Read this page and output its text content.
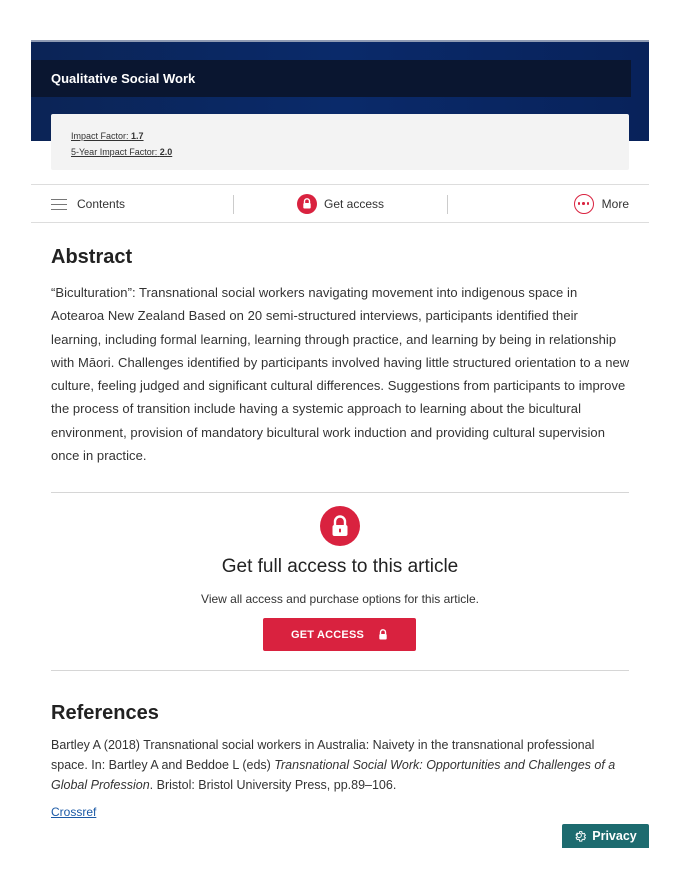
Qualitative Social Work
Impact Factor: 1.7
5-Year Impact Factor: 2.0
Contents	Get access	More
Abstract

“Biculturation”: Transnational social workers navigating movement into indigenous space in Aotearoa New Zealand Based on 20 semi-structured interviews, participants identified their learning, including formal learning, learning through practice, and learning by being in relationship with Māori. Challenges identified by participants involved having little structured orientation to a new culture, feeling judged and significant cultural differences. Suggestions from participants to improve the process of transition include having a systemic approach to learning about the bicultural environment, provision of mandatory bicultural work induction and providing cultural supervision once in practice.

Get full access to this article
View all access and purchase options for this article.
GET ACCESS
References

Bartley A (2018) Transnational social workers in Australia: Naivety in the transnational professional space. In: Bartley A and Beddoe L (eds) Transnational Social Work: Opportunities and Challenges of a Global Profession. Bristol: Bristol University Press, pp.89–106.

Crossref
Privacy
